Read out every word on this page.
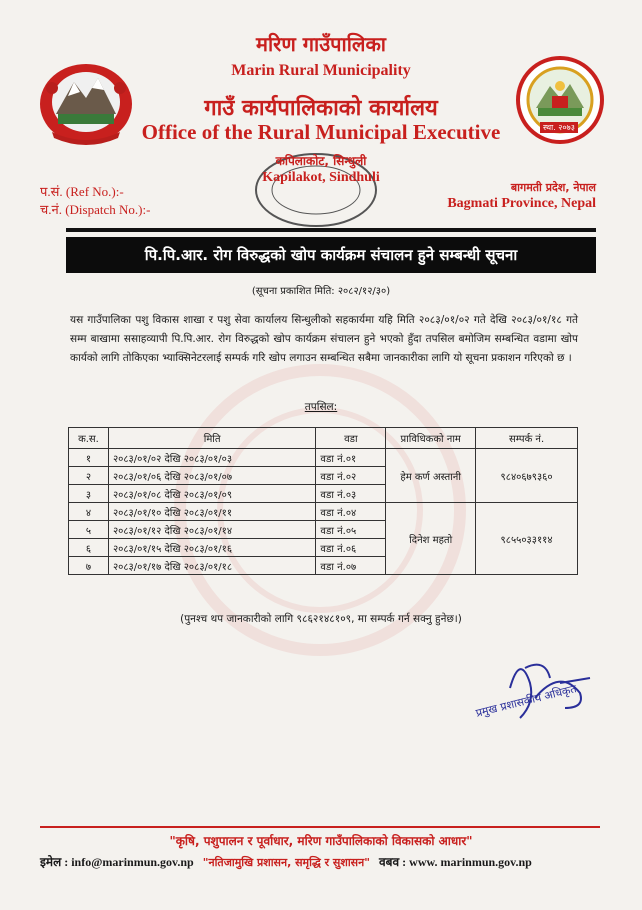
स्था. २०७३
मरिण गाउँपालिका
Marin Rural Municipality
गाउँ कार्यपालिकाको कार्यालय
Office of the Rural Municipal Executive
कपिलाकोट, सिन्धुली
Kapilakot, Sindhuli
प.सं. (Ref No.):-
च.नं. (Dispatch No.):-
बागमती प्रदेश, नेपाल
Bagmati Province, Nepal
पि.पि.आर. रोग विरुद्धको खोप कार्यक्रम संचालन हुने सम्बन्धी सूचना
(सूचना प्रकाशित मिति: २०८२/१२/३०)
यस गाउँपालिका पशु विकास शाखा र पशु सेवा कार्यालय सिन्धुलीको सहकार्यमा यहि मिति २०८३/०१/०२ गते देखि २०८३/०१/१८ गते सम्म बाखामा ससाहव्यापी पि.पि.आर. रोग विरुद्धको खोप कार्यक्रम संचालन हुने भएको हुँदा तपसिल बमोजिम सम्बन्धित वडामा खोप कार्यको लागि तोकिएका भ्याक्सिनेटरलाई सम्पर्क गरि खोप लगाउन सम्बन्धित सबैमा जानकारीका लागि यो सूचना प्रकाशन गरिएको छ ।
तपसिल:
क.स.	मिति	वडा	प्राविधिकको नाम	सम्पर्क नं.
१	२०८३/०१/०२ देखि २०८३/०१/०३	वडा नं.०१	हेम कर्ण अस्तानी	९८४०६७९३६०
२	२०८३/०१/०६ देखि २०८३/०१/०७	वडा नं.०२		
३	२०८३/०१/०८ देखि २०८३/०१/०९	वडा नं.०३		
४	२०८३/०१/१० देखि २०८३/०१/११	वडा नं.०४	दिनेश महतो	९८५५०३३११४
५	२०८३/०१/१२ देखि २०८३/०१/१४	वडा नं.०५		
६	२०८३/०१/१५ देखि २०८३/०१/१६	वडा नं.०६		
७	२०८३/०१/१७ देखि २०८३/०१/१८	वडा नं.०७		
(पुनश्च थप जानकारीको लागि ९८६२१४८१०९, मा सम्पर्क गर्न सक्नु हुनेछ।)
प्रमुख प्रशासकीय अधिकृत
"कृषि, पशुपालन र पूर्वाधार, मरिण गाउँपालिकाको विकासको आधार"
इमेल : info@marinmun.gov.np "नतिजामुखि प्रशासन, समृद्धि र सुशासन" वबव : www. marinmun.gov.np
